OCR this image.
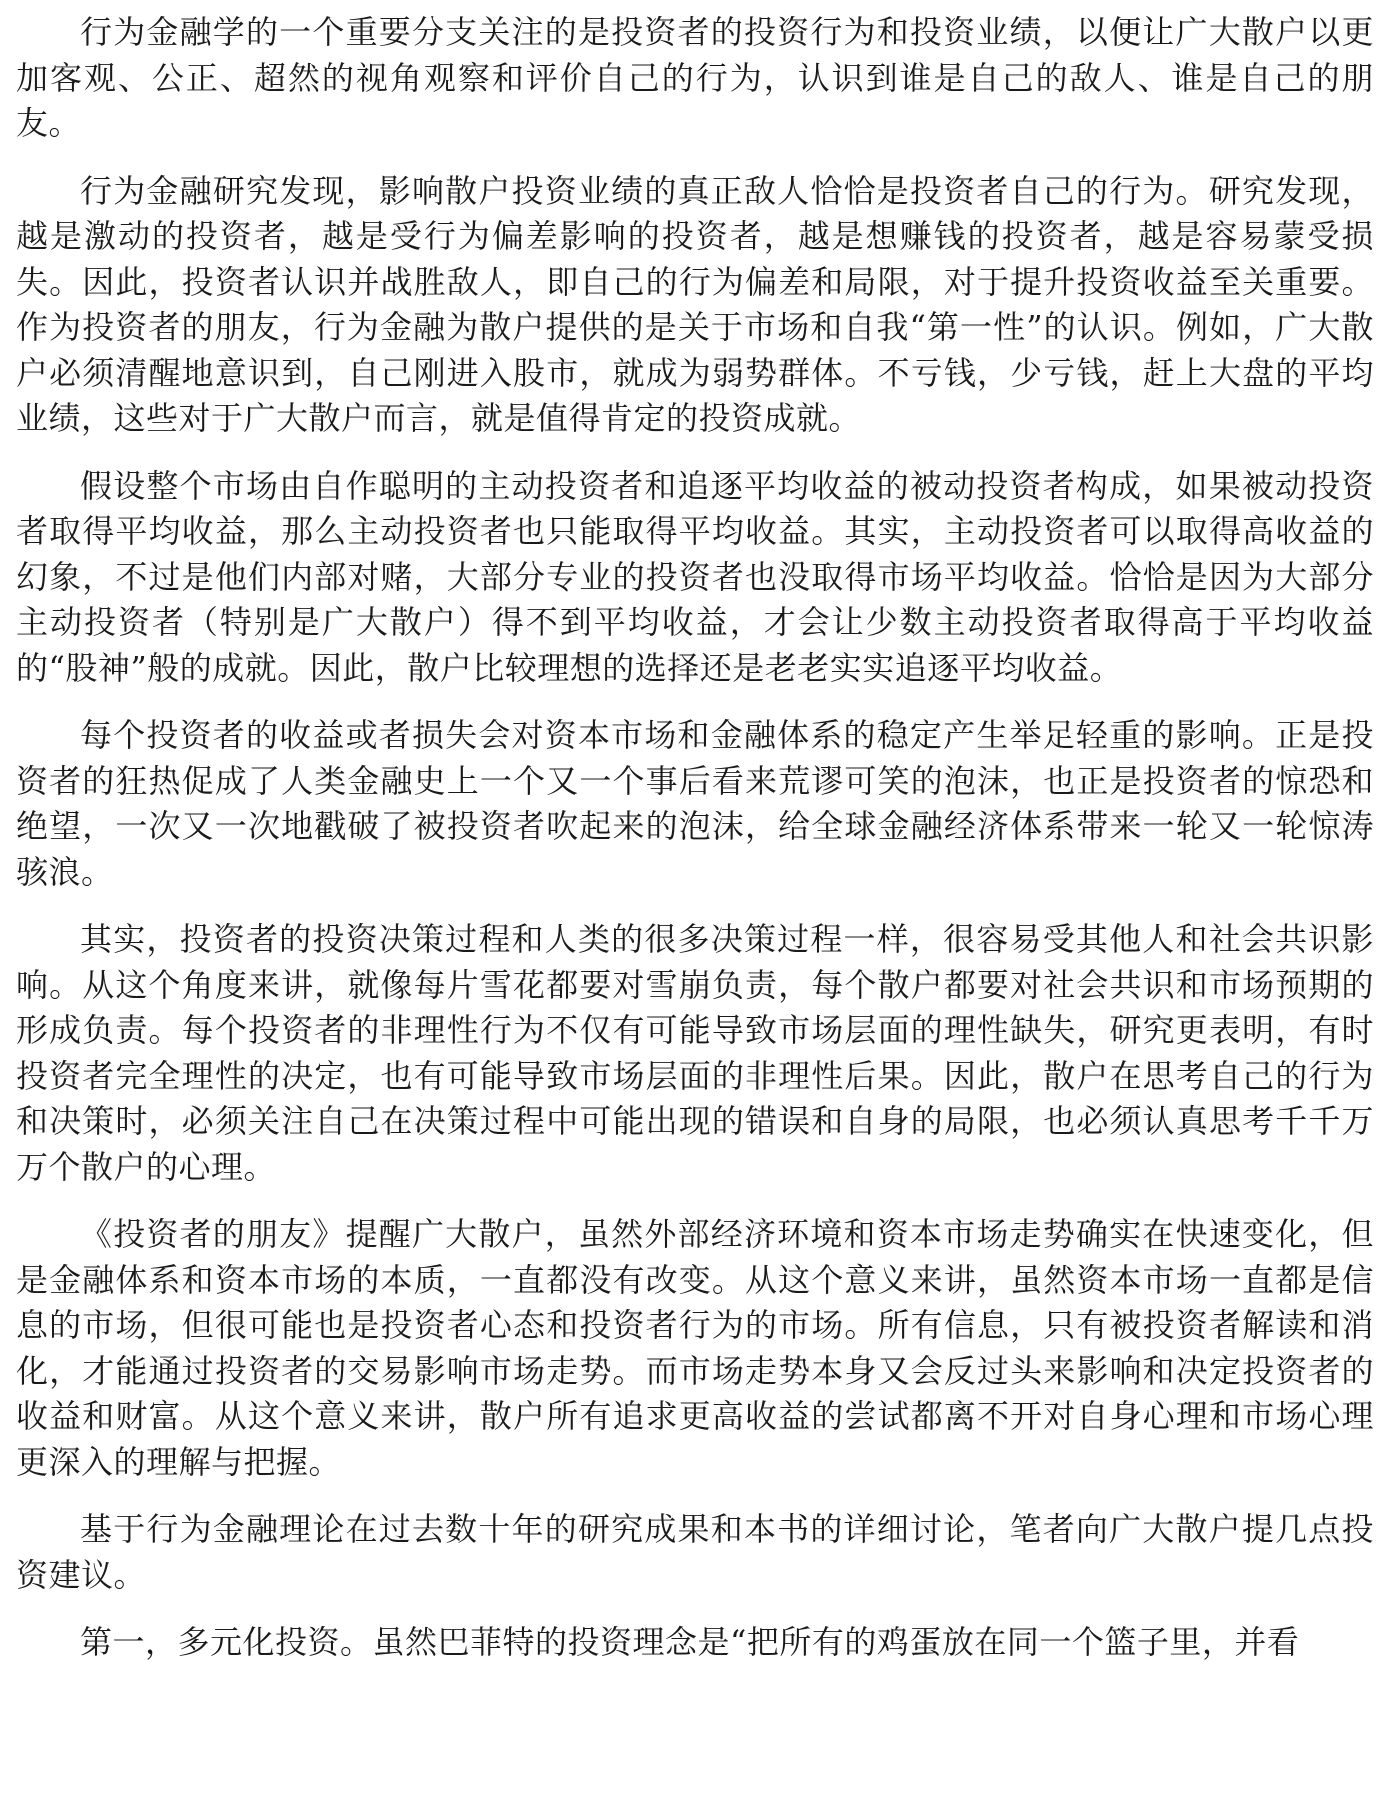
行为金融学的一个重要分支关注的是投资者的投资行为和投资业绩，以便让广大散户以更加客观、公正、超然的视角观察和评价自己的行为，认识到谁是自己的敌人、谁是自己的朋友。

行为金融研究发现，影响散户投资业绩的真正敌人恰恰是投资者自己的行为。研究发现，越是激动的投资者，越是受行为偏差影响的投资者，越是想赚钱的投资者，越是容易蒙受损失。因此，投资者认识并战胜敌人，即自己的行为偏差和局限，对于提升投资收益至关重要。作为投资者的朋友，行为金融为散户提供的是关于市场和自我“第一性”的认识。例如，广大散户必须清醒地意识到，自己刚进入股市，就成为弱势群体。不亏钱，少亏钱，赶上大盘的平均业绩，这些对于广大散户而言，就是值得肯定的投资成就。

假设整个市场由自作聪明的主动投资者和追逐平均收益的被动投资者构成，如果被动投资者取得平均收益，那么主动投资者也只能取得平均收益。其实，主动投资者可以取得高收益的幻象，不过是他们内部对赌，大部分专业的投资者也没取得市场平均收益。恰恰是因为大部分主动投资者（特别是广大散户）得不到平均收益，才会让少数主动投资者取得高于平均收益的“股神”般的成就。因此，散户比较理想的选择还是老老实实追逐平均收益。

每个投资者的收益或者损失会对资本市场和金融体系的稳定产生举足轻重的影响。正是投资者的狂热促成了人类金融史上一个又一个事后看来荒谬可笑的泡沫，也正是投资者的惊恐和绝望，一次又一次地戳破了被投资者吹起来的泡沫，给全球金融经济体系带来一轮又一轮惊涛骇浪。

其实，投资者的投资决策过程和人类的很多决策过程一样，很容易受其他人和社会共识影响。从这个角度来讲，就像每片雪花都要对雪崩负责，每个散户都要对社会共识和市场预期的形成负责。每个投资者的非理性行为不仅有可能导致市场层面的理性缺失，研究更表明，有时投资者完全理性的决定，也有可能导致市场层面的非理性后果。因此，散户在思考自己的行为和决策时，必须关注自己在决策过程中可能出现的错误和自身的局限，也必须认真思考千千万万个散户的心理。

《投资者的朋友》提醒广大散户，虽然外部经济环境和资本市场走势确实在快速变化，但是金融体系和资本市场的本质，一直都没有改变。从这个意义来讲，虽然资本市场一直都是信息的市场，但很可能也是投资者心态和投资者行为的市场。所有信息，只有被投资者解读和消化，才能通过投资者的交易影响市场走势。而市场走势本身又会反过头来影响和决定投资者的收益和财富。从这个意义来讲，散户所有追求更高收益的尝试都离不开对自身心理和市场心理更深入的理解与把握。

基于行为金融理论在过去数十年的研究成果和本书的详细讨论，笔者向广大散户提几点投资建议。

第一，多元化投资。虽然巴菲特的投资理念是“把所有的鸡蛋放在同一个篮子里，并看
